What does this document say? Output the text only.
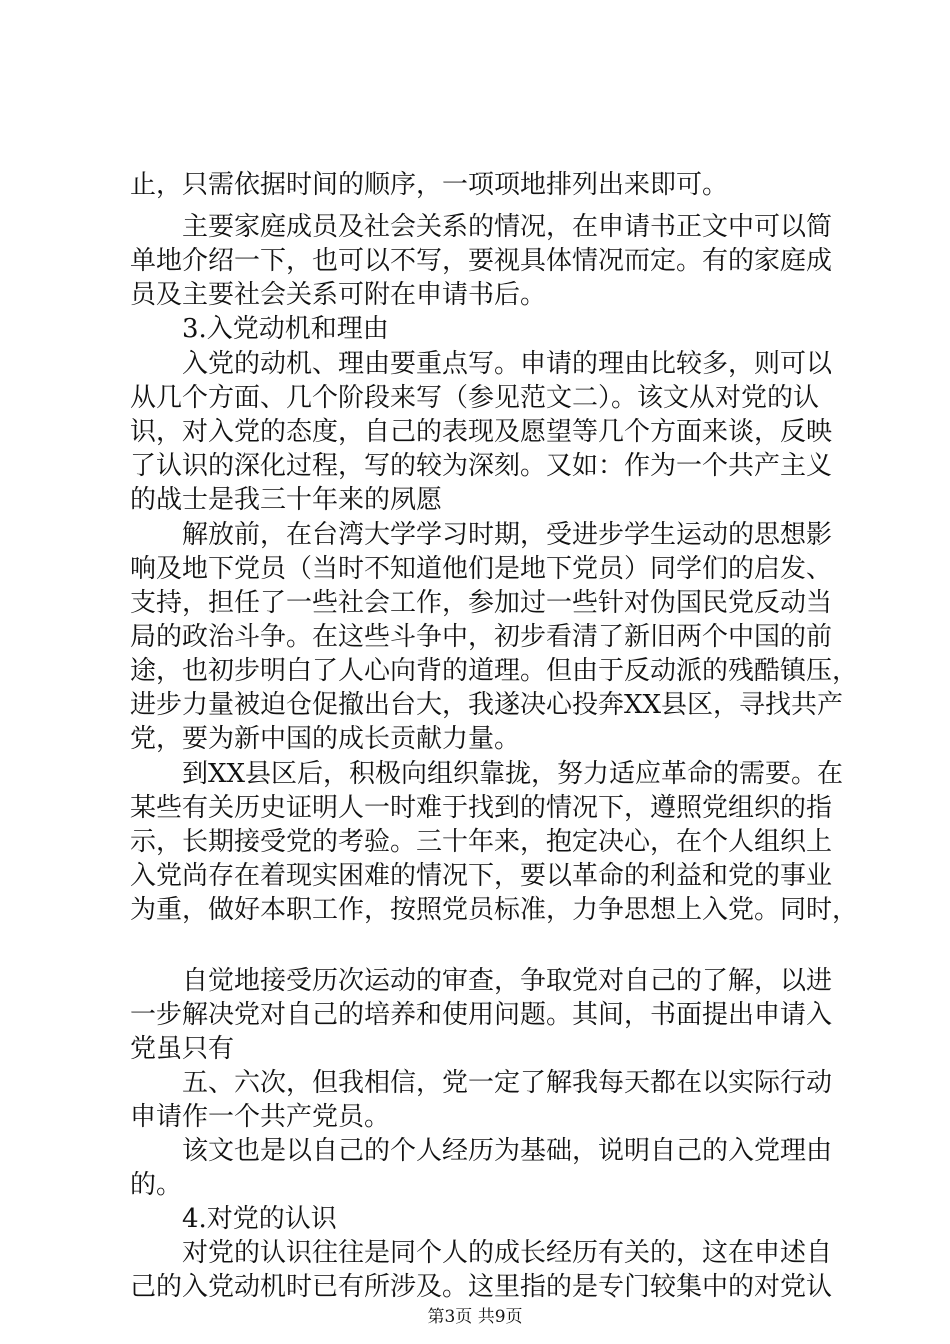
止，只需依据时间的顺序，一项项地排列出来即可。
　　主要家庭成员及社会关系的情况，在申请书正文中可以简
单地介绍一下，也可以不写，要视具体情况而定。有的家庭成
员及主要社会关系可附在申请书后。
　　3.入党动机和理由
　　入党的动机、理由要重点写。申请的理由比较多，则可以
从几个方面、几个阶段来写（参见范文二）。该文从对党的认
识，对入党的态度，自己的表现及愿望等几个方面来谈，反映
了认识的深化过程，写的较为深刻。又如：作为一个共产主义
的战士是我三十年来的夙愿
　　解放前，在台湾大学学习时期，受进步学生运动的思想影
响及地下党员（当时不知道他们是地下党员）同学们的启发、
支持，担任了一些社会工作，参加过一些针对伪国民党反动当
局的政治斗争。在这些斗争中，初步看清了新旧两个中国的前
途，也初步明白了人心向背的道理。但由于反动派的残酷镇压，
进步力量被迫仓促撤出台大，我遂决心投奔XX县区，寻找共产
党，要为新中国的成长贡献力量。
　　到XX县区后，积极向组织靠拢，努力适应革命的需要。在
某些有关历史证明人一时难于找到的情况下，遵照党组织的指
示，长期接受党的考验。三十年来，抱定决心，在个人组织上
入党尚存在着现实困难的情况下，要以革命的利益和党的事业
为重，做好本职工作，按照党员标准，力争思想上入党。同时，
　　自觉地接受历次运动的审查，争取党对自己的了解，以进
一步解决党对自己的培养和使用问题。其间，书面提出申请入
党虽只有
　　五、六次，但我相信，党一定了解我每天都在以实际行动
申请作一个共产党员。
　　该文也是以自己的个人经历为基础，说明自己的入党理由
的。
　　4.对党的认识
　　对党的认识往往是同个人的成长经历有关的，这在申述自
己的入党动机时已有所涉及。这里指的是专门较集中的对党认
第3页 共9页
